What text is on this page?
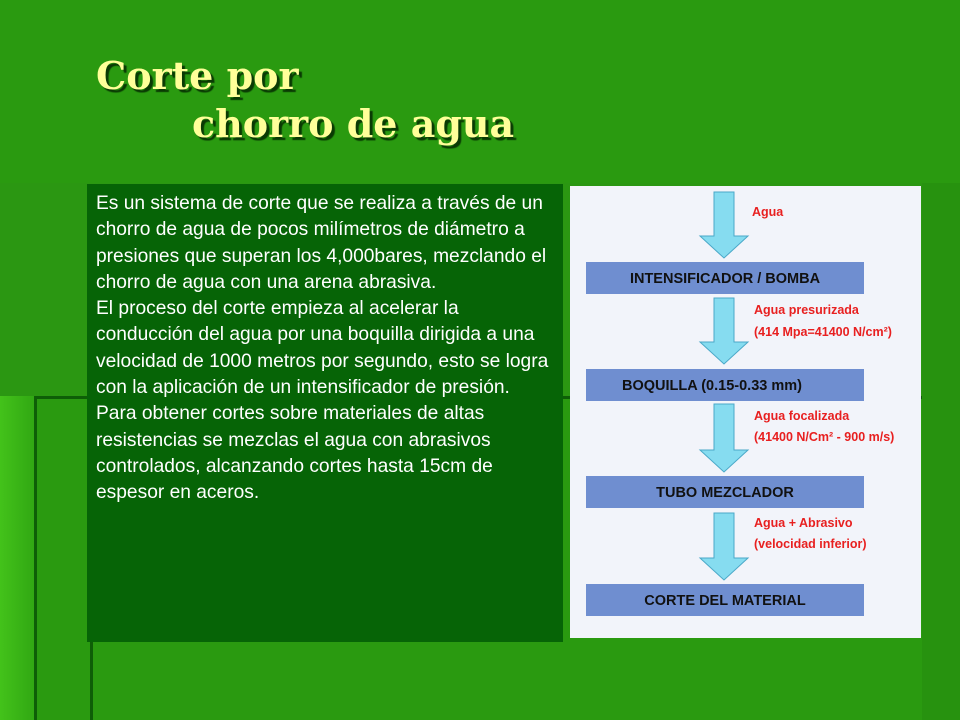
Corte por

chorro de agua

Es un sistema de corte que se realiza a través de un chorro de agua de pocos milímetros de diámetro a presiones que superan los 4,000bares, mezclando el chorro de agua con una arena abrasiva.

El proceso del corte empieza al acelerar la conducción del agua por una boquilla dirigida a una velocidad de 1000 metros por segundo, esto se logra con la aplicación de un intensificador de presión.

Para obtener cortes sobre materiales de altas resistencias se mezclas el agua con abrasivos controlados, alcanzando cortes hasta 15cm de espesor en aceros.

INTENSIFICADOR / BOMBA
BOQUILLA (0.15-0.33 mm)
TUBO MEZCLADOR
CORTE DEL MATERIAL
Agua
Agua presurizada
(414 Mpa=41400 N/cm²)
Agua focalizada
(41400 N/Cm² - 900 m/s)
Agua + Abrasivo
(velocidad inferior)
